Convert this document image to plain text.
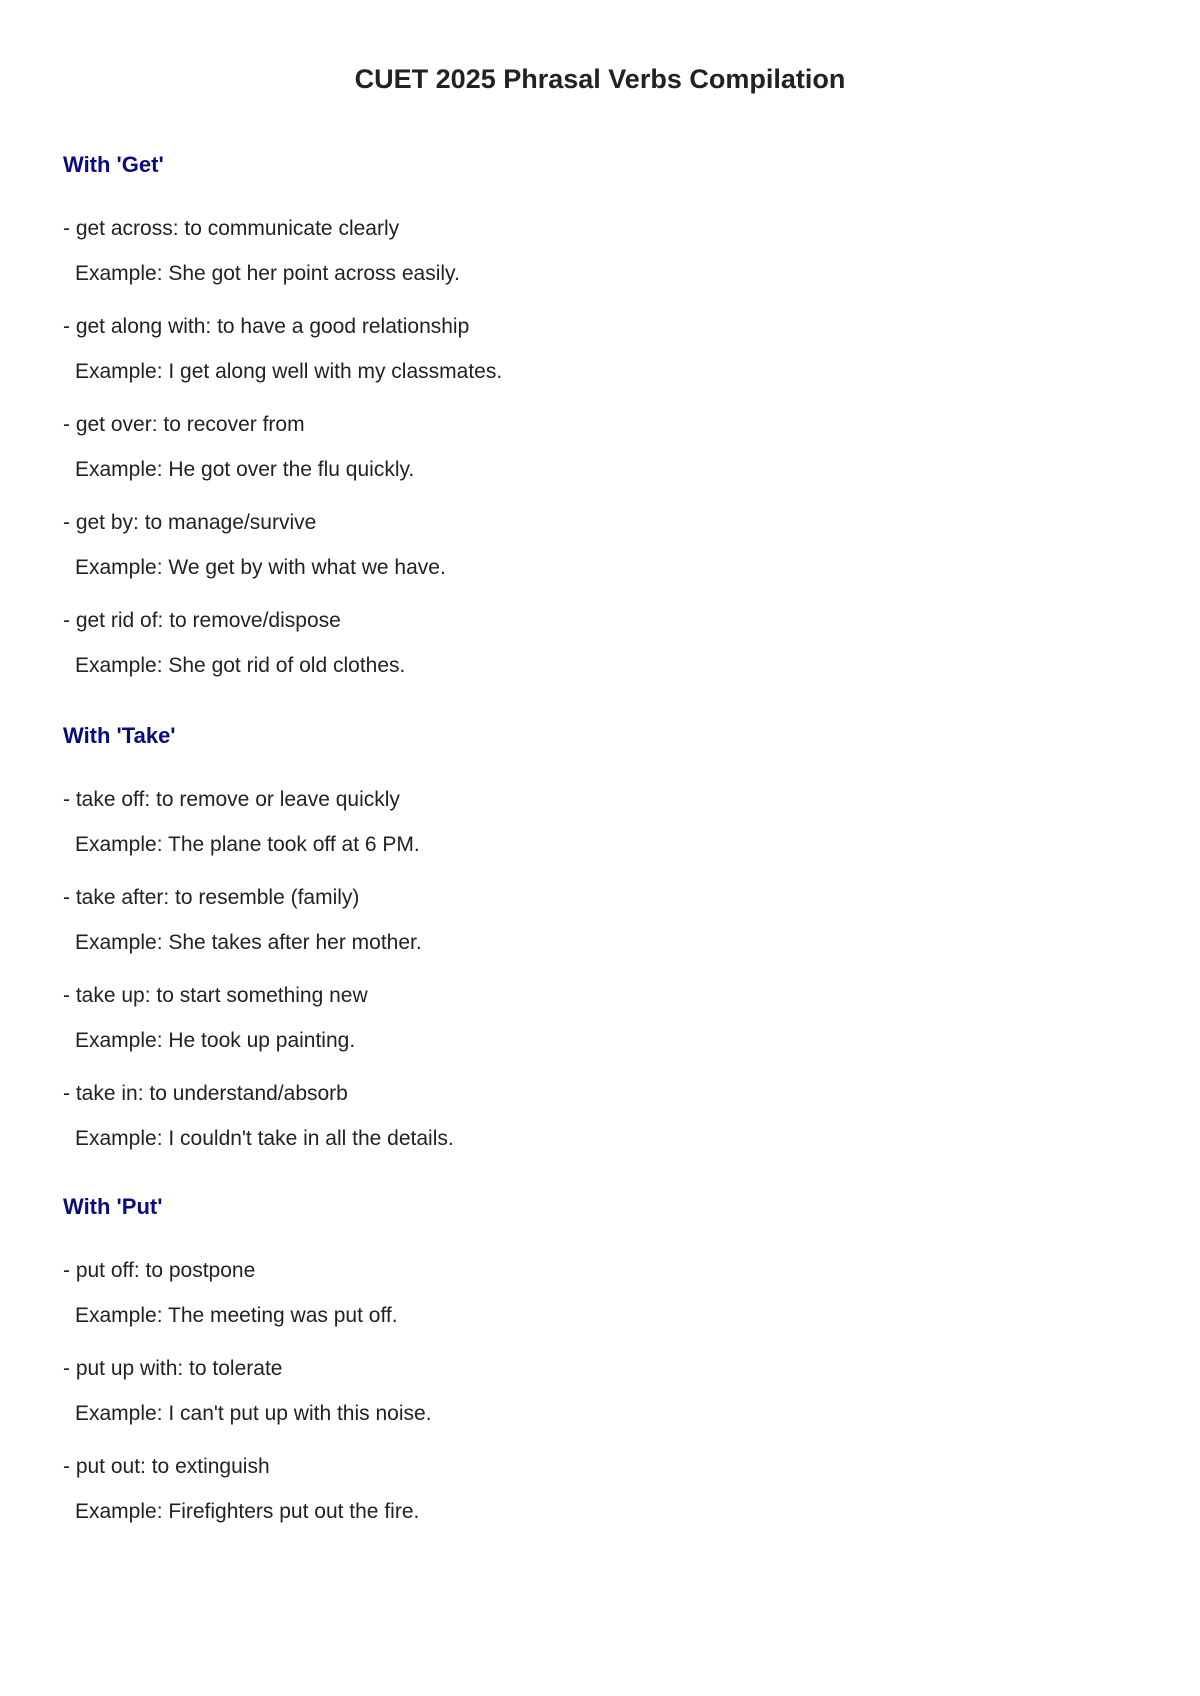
CUET 2025 Phrasal Verbs Compilation
With 'Get'
- get across: to communicate clearly
Example: She got her point across easily.
- get along with: to have a good relationship
Example: I get along well with my classmates.
- get over: to recover from
Example: He got over the flu quickly.
- get by: to manage/survive
Example: We get by with what we have.
- get rid of: to remove/dispose
Example: She got rid of old clothes.
With 'Take'
- take off: to remove or leave quickly
Example: The plane took off at 6 PM.
- take after: to resemble (family)
Example: She takes after her mother.
- take up: to start something new
Example: He took up painting.
- take in: to understand/absorb
Example: I couldn't take in all the details.
With 'Put'
- put off: to postpone
Example: The meeting was put off.
- put up with: to tolerate
Example: I can't put up with this noise.
- put out: to extinguish
Example: Firefighters put out the fire.
